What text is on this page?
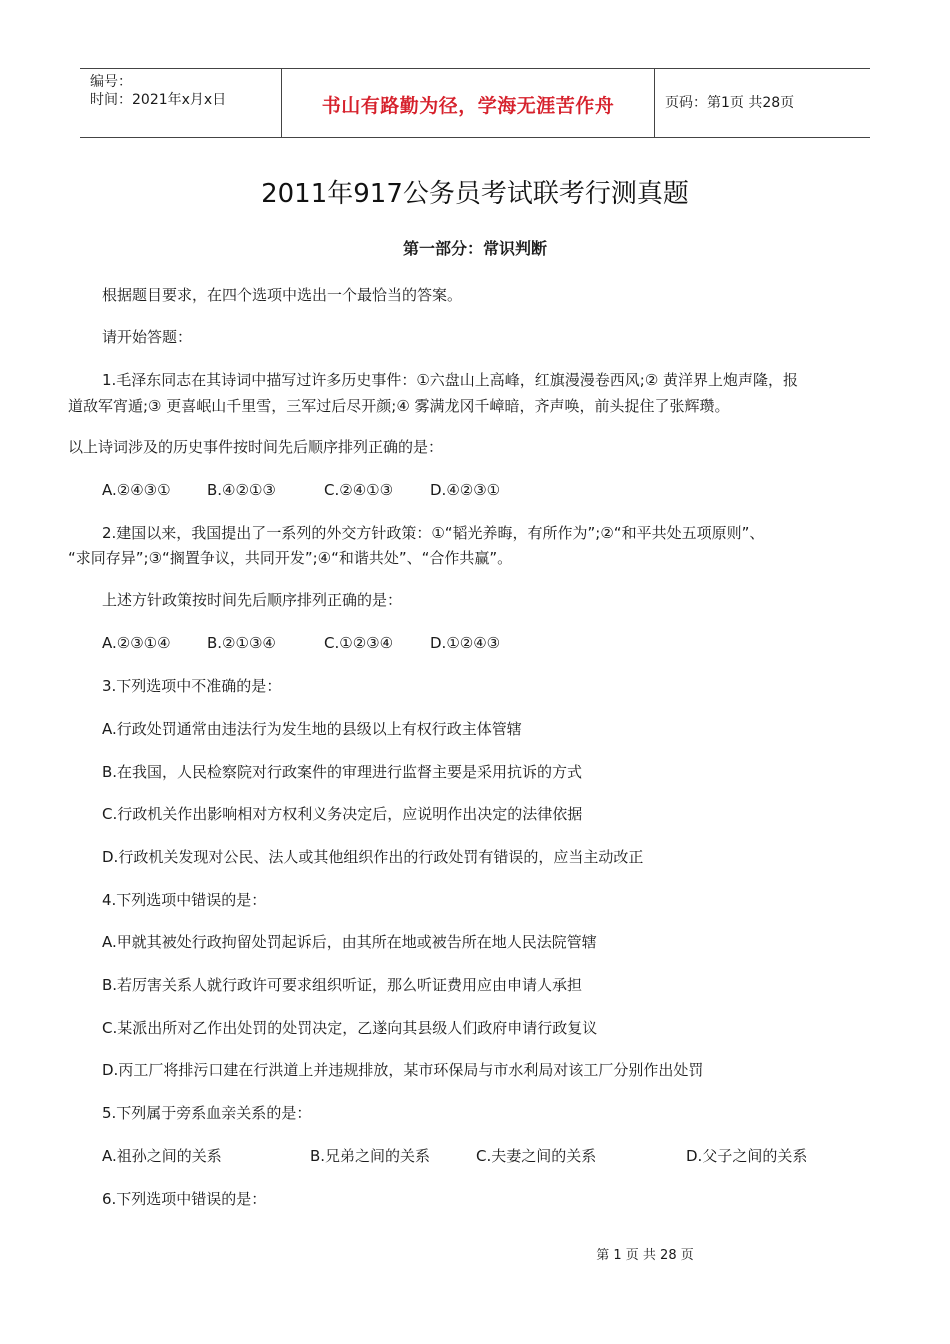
编号：
时间：2021年x月x日	书山有路勤为径，学海无涯苦作舟	页码：第1页 共28页
2011年917公务员考试联考行测真题
第一部分：常识判断
根据题目要求，在四个选项中选出一个最恰当的答案。
请开始答题：
1.毛泽东同志在其诗词中描写过许多历史事件：①六盘山上高峰，红旗漫漫卷西风;② 黄洋界上炮声隆，报
道敌军宵遁;③ 更喜岷山千里雪，三军过后尽开颜;④ 雾满龙冈千嶂暗，齐声唤，前头捉住了张辉瓒。
以上诗词涉及的历史事件按时间先后顺序排列正确的是：
A.②④③① B.④②①③	C.②④①③ D.④②③①
2.建国以来，我国提出了一系列的外交方针政策：①“韬光养晦，有所作为”;②“和平共处五项原则”、
“求同存异”;③“搁置争议，共同开发”;④“和谐共处”、“合作共赢”。
上述方针政策按时间先后顺序排列正确的是：
A.②③①④ B.②①③④	C.①②③④ D.①②④③
3.下列选项中不准确的是：
A.行政处罚通常由违法行为发生地的县级以上有权行政主体管辖
B.在我国，人民检察院对行政案件的审理进行监督主要是采用抗诉的方式
C.行政机关作出影响相对方权利义务决定后，应说明作出决定的法律依据
D.行政机关发现对公民、法人或其他组织作出的行政处罚有错误的，应当主动改正
4.下列选项中错误的是：
A.甲就其被处行政拘留处罚起诉后，由其所在地或被告所在地人民法院管辖
B.若厉害关系人就行政许可要求组织听证，那么听证费用应由申请人承担
C.某派出所对乙作出处罚的处罚决定，乙遂向其县级人们政府申请行政复议
D.丙工厂将排污口建在行洪道上并违规排放，某市环保局与市水利局对该工厂分别作出处罚
5.下列属于旁系血亲关系的是：
A.祖孙之间的关系	B.兄弟之间的关系	C.夫妻之间的关系	D.父子之间的关系
6.下列选项中错误的是：
第 1 页 共 28 页
